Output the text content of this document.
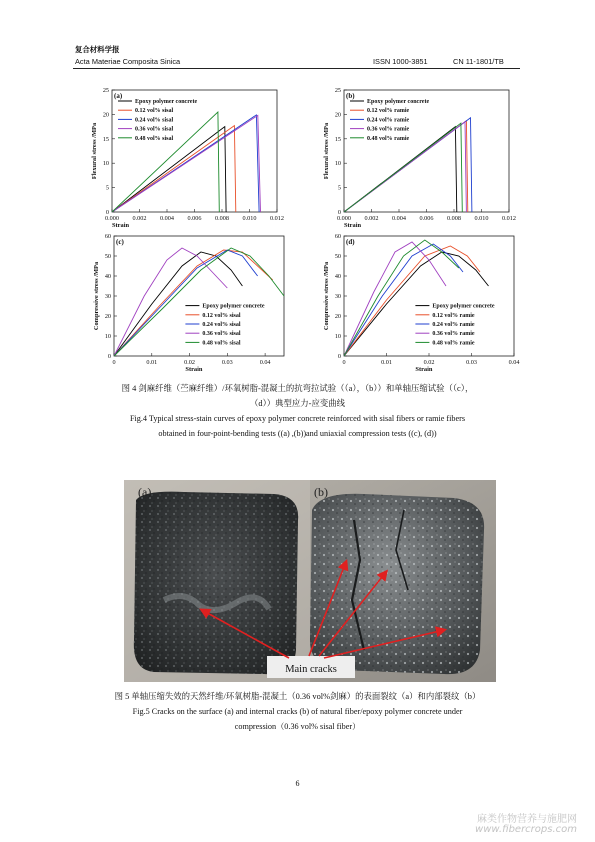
复合材料学报
Acta Materiae Composita Sinica	ISSN 1000-3851	CN 11-1801/TB
0.000 0.002 0.004 0.006 0.008 0.010 0.012
0
5
10
15
20
25
Strain
Flexural stress /MPa
(a)
Epoxy polymer concrete
0.12 vol% sisal
0.24 vol% sisal
0.36 vol% sisal
0.48 vol% sisal
0.000 0.002 0.004 0.006 0.008 0.010 0.012
0
5
10
15
20
25
Strain
Flexural stress /MPa
(b)
Epoxy polymer concrete
0.12 vol% ramie
0.24 vol% ramie
0.36 vol% ramie
0.48 vol% ramie
0	0.01	0.02	0.03	0.04
0
10
20
30
40
50
60
Strain
Compressive stress /MPa
(c)
Epoxy polymer concrete
0.12 vol% sisal
0.24 vol% sisal
0.36 vol% sisal
0.48 vol% sisal
0	0.01	0.02	0.03	0.04
0
10
20
30
40
50
60
Strain
Compressive stress /MPa
(d)
Epoxy polymer concrete
0.12 vol% ramie
0.24 vol% ramie
0.36 vol% ramie
0.48 vol% ramie
图 4 剑麻纤维（苎麻纤维）/环氧树脂-混凝土的抗弯拉试验（（a），（b））和单轴压缩试验（（c），
（d））典型应力-应变曲线
Fig.4 Typical stress-stain curves of epoxy polymer concrete reinforced with sisal fibers or ramie fibers
obtained in four-point-bending tests ((a) ,(b))and uniaxial compression tests ((c), (d))
(a)	(b)
Main cracks
图 5 单轴压缩失效的天然纤维/环氧树脂-混凝土（0.36 vol%剑麻）的表面裂纹（a）和内部裂纹（b）
Fig.5 Cracks on the surface (a) and internal cracks (b) of natural fiber/epoxy polymer concrete under
compression（0.36 vol% sisal fiber）
6
麻类作物营养与施肥网
www.fibercrops.com
